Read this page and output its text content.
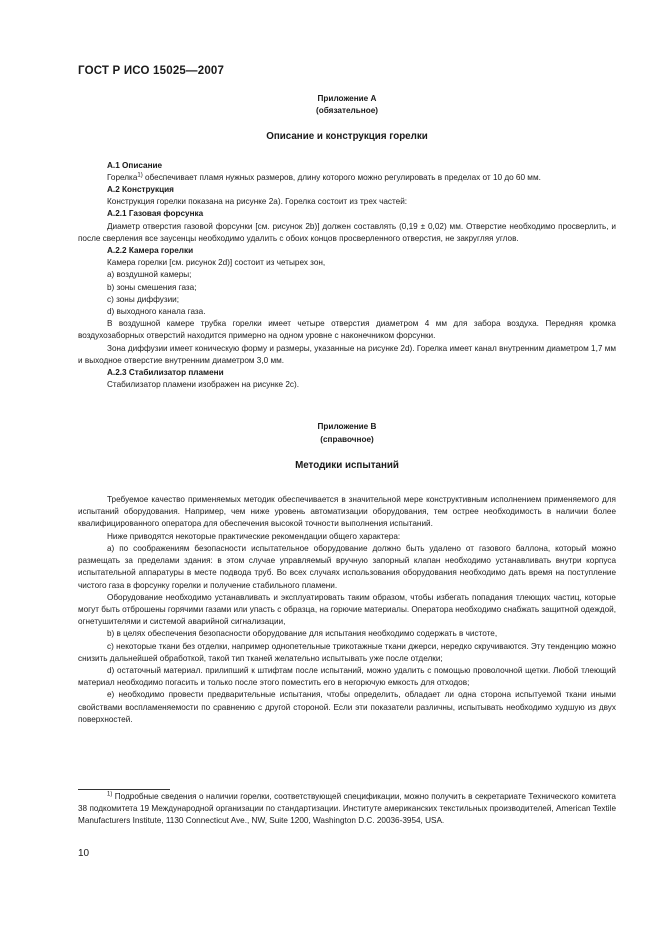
ГОСТ Р ИСО 15025—2007
Приложение А
(обязательное)
Описание и конструкция горелки
А.1 Описание

Горелка$^{1)}$ обеспечивает пламя нужных размеров, длину которого можно регулировать в пределах от 10 до 60 мм.

А.2 Конструкция

Конструкция горелки показана на рисунке 2а). Горелка состоит из трех частей:

А.2.1 Газовая форсунка

Диаметр отверстия газовой форсунки [см. рисунок 2b)] должен составлять (0,19 ± 0,02) мм. Отверстие необходимо просверлить, и после сверления все заусенцы необходимо удалить с обоих концов просверленного отверстия, не закругляя углов.

А.2.2 Камера горелки

Камера горелки [см. рисунок 2d)] состоит из четырех зон,

а) воздушной камеры;
b) зоны смешения газа;
c) зоны диффузии;
d) выходного канала газа.

В воздушной камере трубка горелки имеет четыре отверстия диаметром 4 мм для забора воздуха. Передняя кромка воздухозаборных отверстий находится примерно на одном уровне с наконечником форсунки.

Зона диффузии имеет коническую форму и размеры, указанные на рисунке 2d). Горелка имеет канал внутренним диаметром 1,7 мм и выходное отверстие внутренним диаметром 3,0 мм.

А.2.3 Стабилизатор пламени

Стабилизатор пламени изображен на рисунке 2с).

Приложение В
(справочное)
Методики испытаний

Требуемое качество применяемых методик обеспечивается в значительной мере конструктивным исполнением применяемого для испытаний оборудования. Например, чем ниже уровень автоматизации оборудования, тем острее необходимость в наличии более квалифицированного оператора для обеспечения высокой точности выполнения испытаний.

Ниже приводятся некоторые практические рекомендации общего характера:

а) по соображениям безопасности испытательное оборудование должно быть удалено от газового баллона, который можно размещать за пределами здания: в этом случае управляемый вручную запорный клапан необходимо устанавливать внутри корпуса испытательной аппаратуры в месте подвода труб. Во всех случаях использования оборудования необходимо дать время на поступление чистого газа в форсунку горелки и получение стабильного пламени.

Оборудование необходимо устанавливать и эксплуатировать таким образом, чтобы избегать попадания тлеющих частиц, которые могут быть отброшены горячими газами или упасть с образца, на горючие материалы. Оператора необходимо снабжать защитной одеждой, огнетушителями и системой аварийной сигнализации,

b) в целях обеспечения безопасности оборудование для испытания необходимо содержать в чистоте,

c) некоторые ткани без отделки, например однопетельные трикотажные ткани джерси, нередко скручиваются. Эту тенденцию можно снизить дальнейшей обработкой, такой тип тканей желательно испытывать уже после отделки;

d) остаточный материал. прилипший к штифтам после испытаний, можно удалить с помощью проволочной щетки. Любой тлеющий материал необходимо погасить и только после этого поместить его в негорючую емкость для отходов;

e) необходимо провести предварительные испытания, чтобы определить, обладает ли одна сторона испытуемой ткани иными свойствами воспламеняемости по сравнению с другой стороной. Если эти показатели различны, испытывать необходимо худшую из двух поверхностей.

$^{1)}$ Подробные сведения о наличии горелки, соответствующей спецификации, можно получить в секретариате Технического комитета 38 подкомитета 19 Международной организации по стандартизации. Институте американских текстильных производителей, American Textile Manufacturers Institute, 1130 Connecticut Ave., NW, Suite 1200, Washington D.C. 20036-3954, USA.
10
